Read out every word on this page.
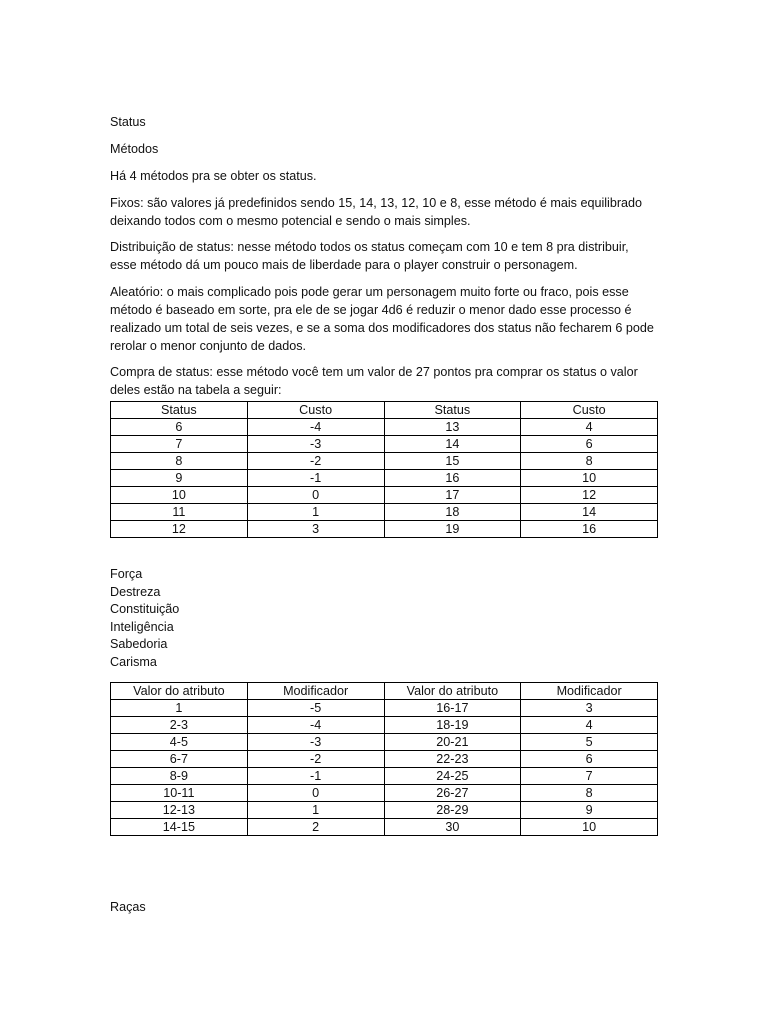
Status

Métodos

Há 4 métodos pra se obter os status.

Fixos: são valores já predefinidos sendo 15, 14, 13, 12, 10 e 8, esse método é mais equilibrado deixando todos com o mesmo potencial e sendo o mais simples.

Distribuição de status: nesse método todos os status começam com 10 e tem 8 pra distribuir, esse método dá um pouco mais de liberdade para o player construir o personagem.

Aleatório: o mais complicado pois pode gerar um personagem muito forte ou fraco, pois esse método é baseado em sorte, pra ele de se jogar 4d6 é reduzir o menor dado esse processo é realizado um total de seis vezes, e se a soma dos modificadores dos status não fecharem 6 pode rerolar o menor conjunto de dados.

Compra de status: esse método você tem um valor de 27 pontos pra comprar os status o valor deles estão na tabela a seguir:

Status	Custo	Status	Custo
6	-4	13	4
7	-3	14	6
8	-2	15	8
9	-1	16	10
10	0	17	12
11	1	18	14
12	3	19	16

Força

Destreza

Constituição

Inteligência

Sabedoria

Carisma

Valor do atributo	Modificador	Valor do atributo	Modificador
1	-5	16-17	3
2-3	-4	18-19	4
4-5	-3	20-21	5
6-7	-2	22-23	6
8-9	-1	24-25	7
10-11	0	26-27	8
12-13	1	28-29	9
14-15	2	30	10

Raças
